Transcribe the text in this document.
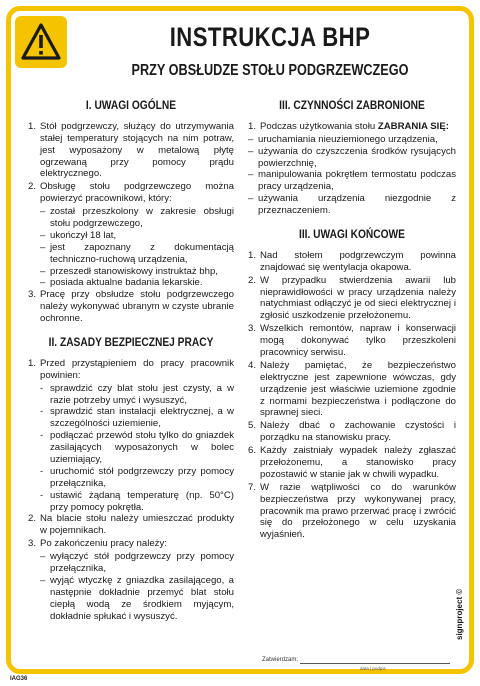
INSTRUKCJA BHP
PRZY OBSŁUDZE STOŁU PODGRZEWCZEGO
I. UWAGI OGÓLNE
1. Stół podgrzewczy, służący do utrzymywania stałej temperatury stojących na nim potraw, jest wyposażony w metalową płytę ogrzewaną przy pomocy prądu elektrycznego.
2. Obsługę stołu podgrzewczego można powierzyć pracownikowi, który:
– został przeszkolony w zakresie obsługi stołu podgrzewczego,
– ukończył 18 lat,
– jest zapoznany z dokumentacją techniczno-ruchową urządzenia,
– przeszedł stanowiskowy instruktaż bhp,
– posiada aktualne badania lekarskie.
3. Pracę przy obsłudze stołu podgrzewczego należy wykonywać ubranym w czyste ubranie ochronne.
II. ZASADY BEZPIECZNEJ PRACY
1. Przed przystąpieniem do pracy pracownik powinien:
- sprawdzić czy blat stołu jest czysty, a w razie potrzeby umyć i wysuszyć,
- sprawdzić stan instalacji elektrycznej, a w szczególności uziemienie,
- podłączać przewód stołu tylko do gniazdek zasilających wyposażonych w bolec uziemiający,
- uruchomić stół podgrzewczy przy pomocy przełącznika,
- ustawić żądaną temperaturę (np. 50°C) przy pomocy pokrętła.
2. Na blacie stołu należy umieszczać produkty w pojemnikach.
3. Po zakończeniu pracy należy:
– wyłączyć stół podgrzewczy przy pomocy przełącznika,
– wyjąć wtyczkę z gniazdka zasilającego, a następnie dokładnie przemyć blat stołu ciepłą wodą ze środkiem myjącym, dokładnie spłukać i wysuszyć.
III. CZYNNOŚCI ZABRONIONE
1. Podczas użytkowania stołu ZABRANIA SIĘ:
– uruchamiania nieuziemionego urządzenia,
– używania do czyszczenia środków rysujących powierzchnię,
– manipulowania pokrętłem termostatu podczas pracy urządzenia,
– używania urządzenia niezgodnie z przeznaczeniem.
III. UWAGI KOŃCOWE
1. Nad stołem podgrzewczym powinna znajdować się wentylacja okapowa.
2. W przypadku stwierdzenia awarii lub nieprawidłowości w pracy urządzenia należy natychmiast odłączyć je od sieci elektrycznej i zgłosić uszkodzenie przełożonemu.
3. Wszelkich remontów, napraw i konserwacji mogą dokonywać tylko przeszkoleni pracownicy serwisu.
4. Należy pamiętać, że bezpieczeństwo elektryczne jest zapewnione wówczas, gdy urządzenie jest właściwie uziemione zgodnie z normami bezpieczeństwa i podłączone do sprawnej sieci.
5. Należy dbać o zachowanie czystości i porządku na stanowisku pracy.
6. Każdy zaistniały wypadek należy zgłaszać przełożonemu, a stanowisko pracy pozostawić w stanie jak w chwili wypadku.
7. W razie wątpliwości co do warunków bezpieczeństwa przy wykonywanej pracy, pracownik ma prawo przerwać pracę i zwrócić się do przełożonego w celu uzyskania wyjaśnień.
Zatwierdzam:
data | podpis
signproject ©
IAG36
